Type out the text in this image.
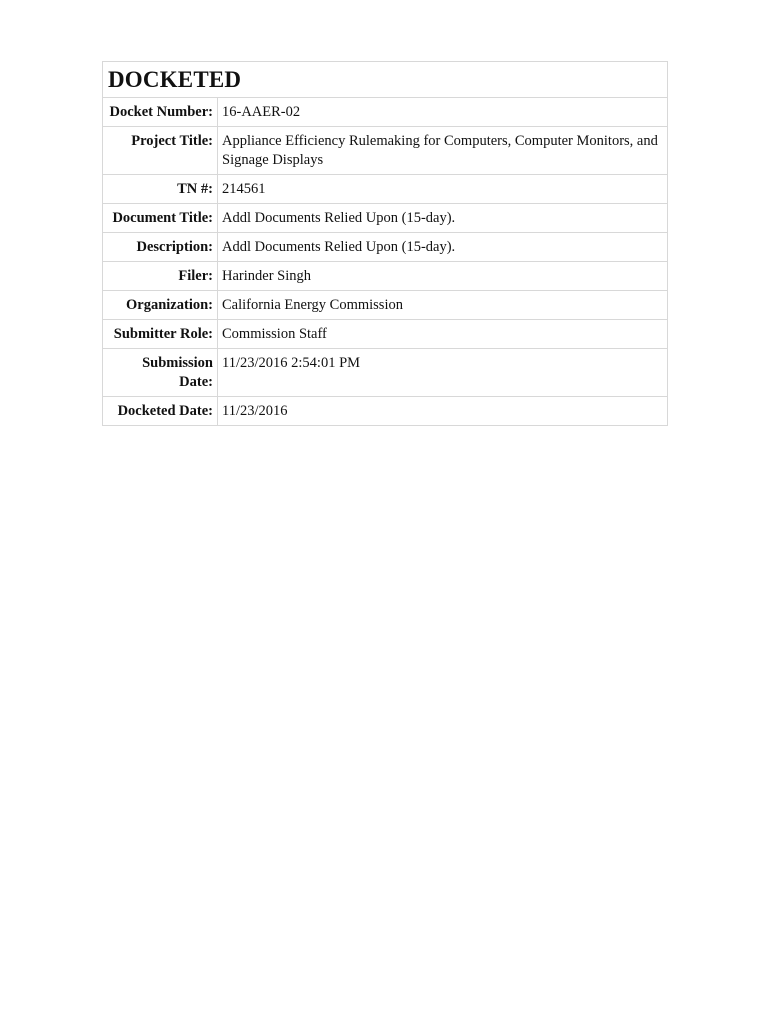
DOCKETED
Docket Number:	16-AAER-02
Project Title:	Appliance Efficiency Rulemaking for Computers, Computer Monitors, and Signage Displays
TN #:	214561
Document Title:	Addl Documents Relied Upon (15-day).
Description:	Addl Documents Relied Upon (15-day).
Filer:	Harinder Singh
Organization:	California Energy Commission
Submitter Role:	Commission Staff
Submission Date:	11/23/2016 2:54:01 PM
Docketed Date:	11/23/2016
